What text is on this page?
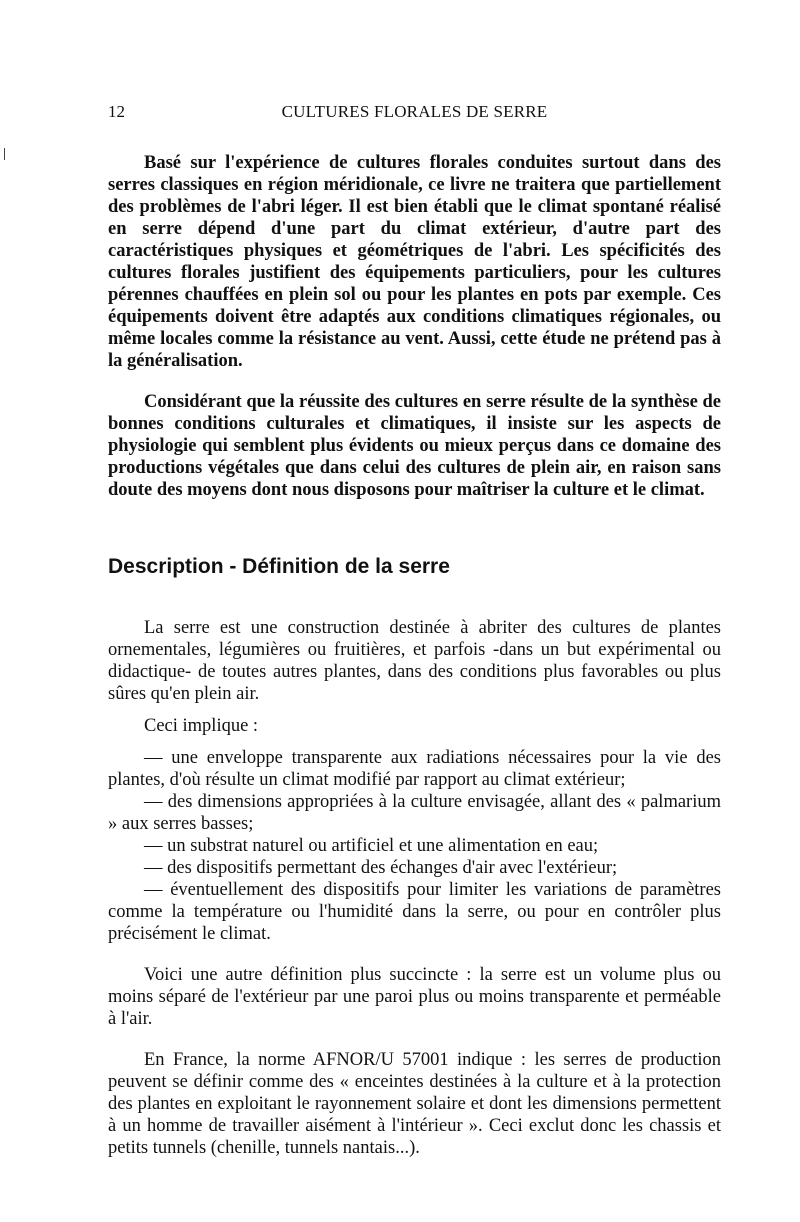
12	CULTURES FLORALES DE SERRE

Basé sur l'expérience de cultures florales conduites surtout dans des serres classiques en région méridionale, ce livre ne traitera que partiellement des problèmes de l'abri léger. Il est bien établi que le climat spontané réalisé en serre dépend d'une part du climat extérieur, d'autre part des caractéristiques physiques et géométriques de l'abri. Les spécificités des cultures florales justifient des équipements particuliers, pour les cultures pérennes chauffées en plein sol ou pour les plantes en pots par exemple. Ces équipements doivent être adaptés aux conditions climatiques régionales, ou même locales comme la résistance au vent. Aussi, cette étude ne prétend pas à la généralisation.

Considérant que la réussite des cultures en serre résulte de la synthèse de bonnes conditions culturales et climatiques, il insiste sur les aspects de physiologie qui semblent plus évidents ou mieux perçus dans ce domaine des productions végétales que dans celui des cultures de plein air, en raison sans doute des moyens dont nous disposons pour maîtriser la culture et le climat.

Description - Définition de la serre

La serre est une construction destinée à abriter des cultures de plantes ornementales, légumières ou fruitières, et parfois -dans un but expérimental ou didactique- de toutes autres plantes, dans des conditions plus favorables ou plus sûres qu'en plein air.

Ceci implique :

— une enveloppe transparente aux radiations nécessaires pour la vie des plantes, d'où résulte un climat modifié par rapport au climat extérieur;

— des dimensions appropriées à la culture envisagée, allant des « palmarium » aux serres basses;

— un substrat naturel ou artificiel et une alimentation en eau;

— des dispositifs permettant des échanges d'air avec l'extérieur;

— éventuellement des dispositifs pour limiter les variations de paramètres comme la température ou l'humidité dans la serre, ou pour en contrôler plus précisément le climat.

Voici une autre définition plus succincte : la serre est un volume plus ou moins séparé de l'extérieur par une paroi plus ou moins transparente et perméable à l'air.

En France, la norme AFNOR/U 57001 indique : les serres de production peuvent se définir comme des « enceintes destinées à la culture et à la protection des plantes en exploitant le rayonnement solaire et dont les dimensions permettent à un homme de travailler aisément à l'intérieur ». Ceci exclut donc les chassis et petits tunnels (chenille, tunnels nantais...).
